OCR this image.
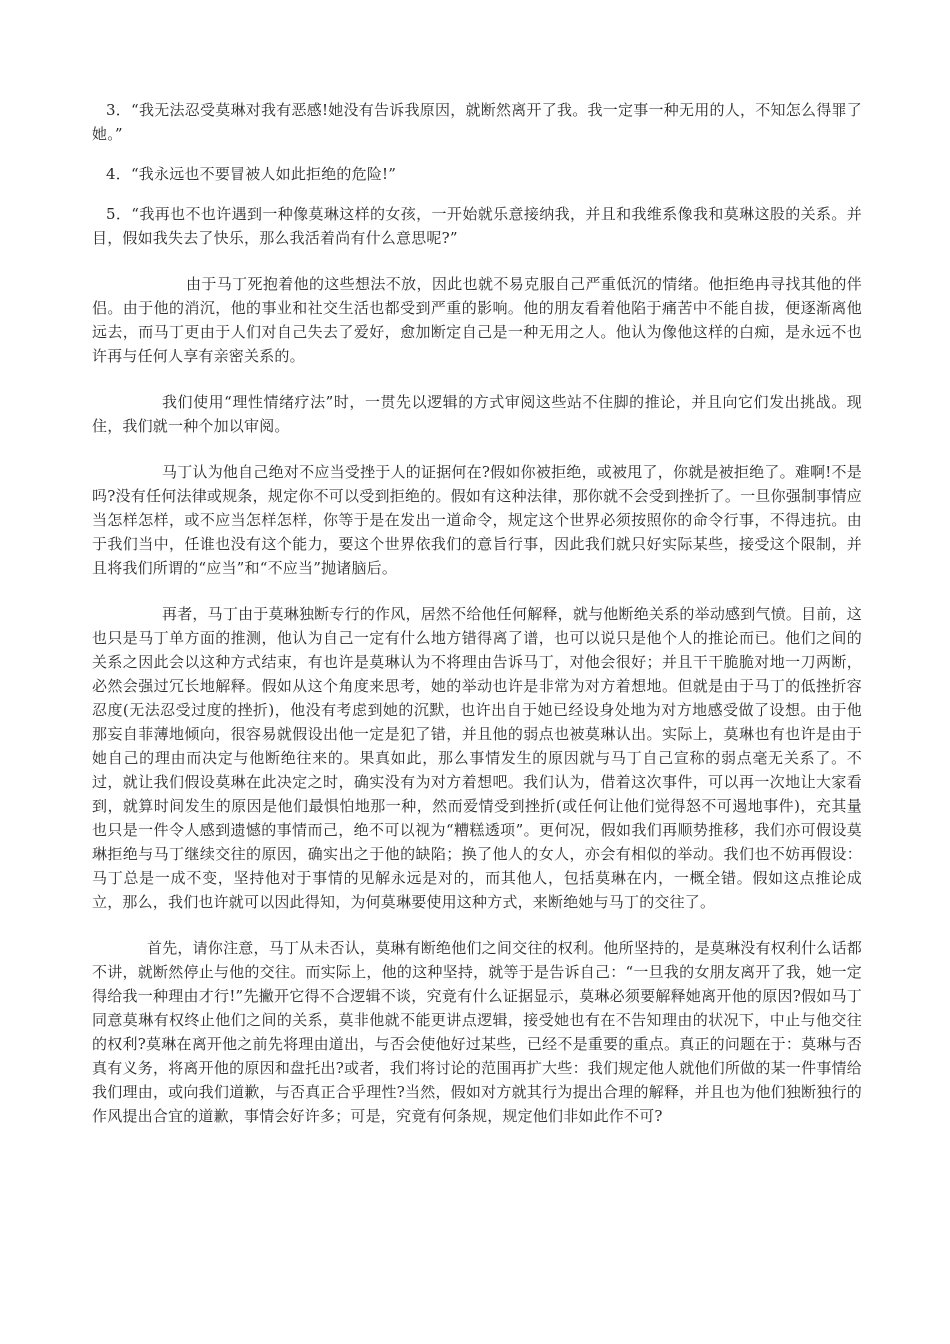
3．“我无法忍受莫琳对我有恶感!她没有告诉我原因，就断然离开了我。我一定事一种无用的人，不知怎么得罪了她。”

4．“我永远也不要冒被人如此拒绝的危险!”

5．“我再也不也许遇到一种像莫琳这样的女孩，一开始就乐意接纳我，并且和我维系像我和莫琳这股的关系。并目，假如我失去了快乐，那么我活着尚有什么意思呢?”

由于马丁死抱着他的这些想法不放，因此也就不易克服自己严重低沉的情绪。他拒绝冉寻找其他的伴侣。由于他的消沉，他的事业和社交生活也都受到严重的影响。他的朋友看着他陷于痛苦中不能自拔，便逐渐离他远去，而马丁更由于人们对自己失去了爱好，愈加断定自己是一种无用之人。他认为像他这样的白痴，是永远不也许再与任何人享有亲密关系的。

我们使用“理性情绪疗法”时，一贯先以逻辑的方式审阅这些站不住脚的推论，并且向它们发出挑战。现住，我们就一种个加以审阅。

马丁认为他自己绝对不应当受挫于人的证据何在?假如你被拒绝，或被甩了，你就是被拒绝了。难啊!不是吗?没有任何法律或规条，规定你不可以受到拒绝的。假如有这种法律，那你就不会受到挫折了。一旦你强制事情应当怎样怎样，或不应当怎样怎样，你等于是在发出一道命令，规定这个世界必须按照你的命令行事，不得违抗。由于我们当中，任谁也没有这个能力，要这个世界依我们的意旨行事，因此我们就只好实际某些，接受这个限制，并且将我们所谓的“应当”和“不应当”抛诸脑后。

再者，马丁由于莫琳独断专行的作风，居然不给他任何解释，就与他断绝关系的举动感到气愤。目前，这也只是马丁单方面的推测，他认为自己一定有什么地方错得离了谱，也可以说只是他个人的推论而已。他们之间的关系之因此会以这种方式结束，有也许是莫琳认为不将理由告诉马丁，对他会很好；并且干干脆脆对地一刀两断，必然会强过冗长地解释。假如从这个角度来思考，她的举动也许是非常为对方着想地。但就是由于马丁的低挫折容忍度(无法忍受过度的挫折)，他没有考虑到她的沉默，也许出自于她已经设身处地为对方地感受做了设想。由于他那妄自菲薄地倾向，很容易就假设出他一定是犯了错，并且他的弱点也被莫琳认出。实际上，莫琳也有也许是由于她自己的理由而决定与他断绝往来的。果真如此，那么事情发生的原因就与马丁自己宣称的弱点毫无关系了。不过，就让我们假设莫琳在此决定之时，确实没有为对方着想吧。我们认为，借着这次事件，可以再一次地让大家看到，就算时间发生的原因是他们最惧怕地那一种，然而爱情受到挫折(或任何让他们觉得怒不可遏地事件)，充其量也只是一件令人感到遗憾的事情而己，绝不可以视为“糟糕透项”。更何况，假如我们再顺势推移，我们亦可假设莫琳拒绝与马丁继续交往的原因，确实出之于他的缺陷；换了他人的女人，亦会有相似的举动。我们也不妨再假设：马丁总是一成不变，坚持他对于事情的见解永远是对的，而其他人，包括莫琳在内，一概全错。假如这点推论成立，那么，我们也许就可以因此得知，为何莫琳要使用这种方式，来断绝她与马丁的交往了。

首先，请你注意，马丁从未否认，莫琳有断绝他们之间交往的权利。他所坚持的，是莫琳没有权利什么话都不讲，就断然停止与他的交往。而实际上，他的这种坚持，就等于是告诉自己：“一旦我的女朋友离开了我，她一定得给我一种理由才行!”先撇开它得不合逻辑不谈，究竟有什么证据显示，莫琳必须要解释她离开他的原因?假如马丁同意莫琳有权终止他们之间的关系，莫非他就不能更讲点逻辑，接受她也有在不告知理由的状况下，中止与他交往的权利?莫琳在离开他之前先将理由道出，与否会使他好过某些，已经不是重要的重点。真正的问题在于：莫琳与否真有义务，将离开他的原因和盘托出?或者，我们将讨论的范围再扩大些：我们规定他人就他们所做的某一件事情给我们理由，或向我们道歉，与否真正合乎理性?当然，假如对方就其行为提出合理的解释，并且也为他们独断独行的作风提出合宜的道歉，事情会好许多；可是，究竟有何条规，规定他们非如此作不可?
